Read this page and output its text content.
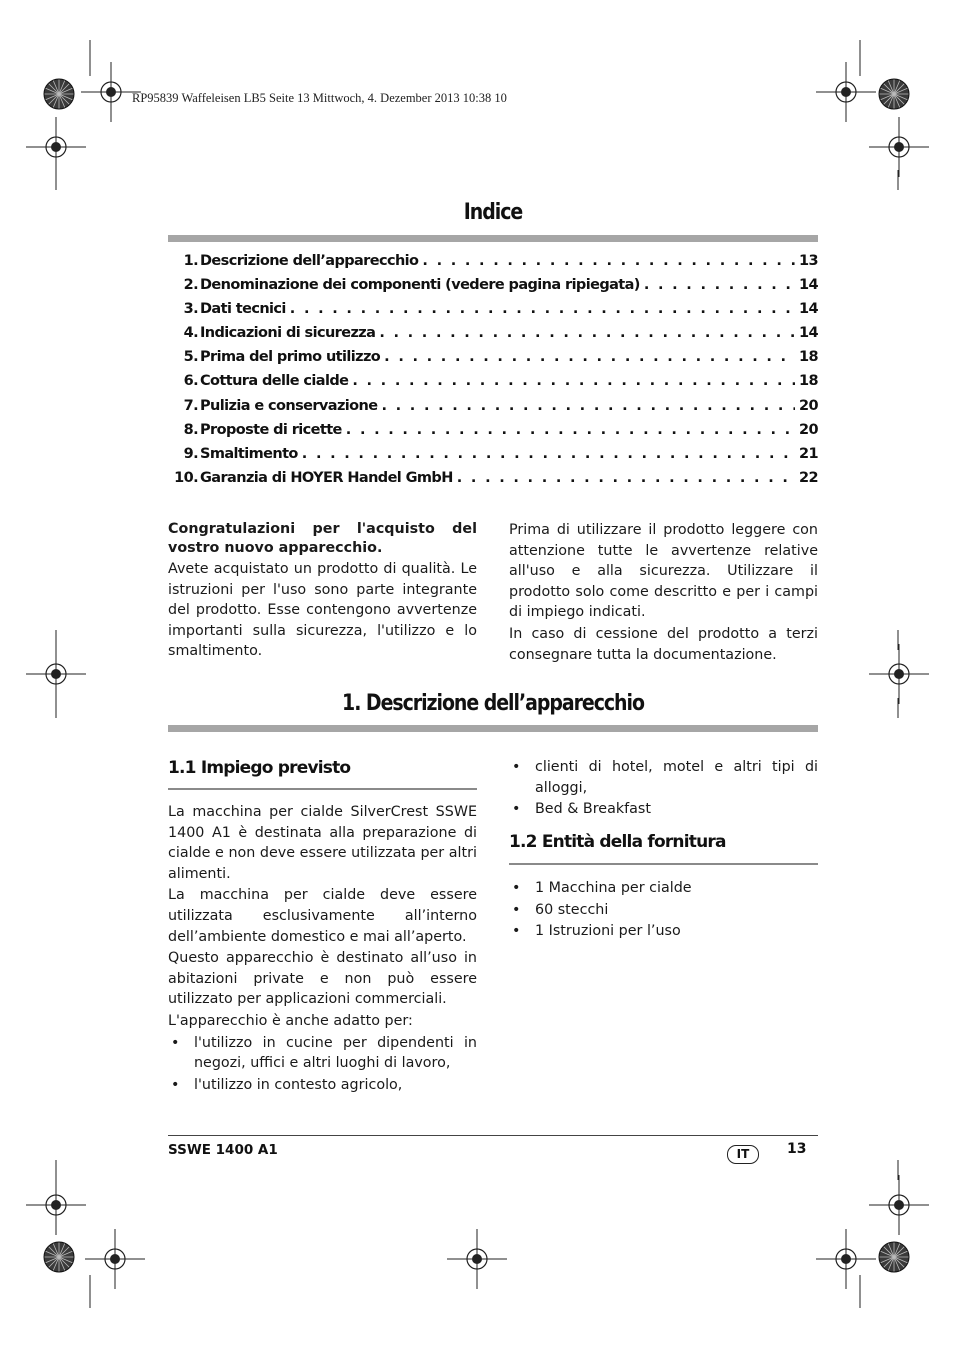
RP95839 Waffeleisen LB5 Seite 13 Mittwoch, 4. Dezember 2013 10:38 10
Indice
1. Descrizione dell’apparecchio . . .	13
2. Denominazione dei componenti (vedere pagina ripiegata) . . .	14
3. Dati tecnici . . .	14
4. Indicazioni di sicurezza . . .	14
5. Prima del primo utilizzo . . .	18
6. Cottura delle cialde . . .	18
7. Pulizia e conservazione . . .	20
8. Proposte di ricette . . .	20
9. Smaltimento . . .	21
10. Garanzia di HOYER Handel GmbH . . .	22

Congratulazioni per l'acquisto del vostro nuovo apparecchio.

Avete acquistato un prodotto di qualità. Le istruzioni per l'uso sono parte integrante del prodotto. Esse contengono avvertenze importanti sulla sicurezza, l'utilizzo e lo smaltimento.

Prima di utilizzare il prodotto leggere con attenzione tutte le avvertenze relative all'uso e alla sicurezza. Utilizzare il prodotto solo come descritto e per i campi di impiego indicati.

In caso di cessione del prodotto a terzi consegnare tutta la documentazione.

1. Descrizione dell’apparecchio
1.1 Impiego previsto

La macchina per cialde SilverCrest SSWE 1400 A1 è destinata alla preparazione di cialde e non deve essere utilizzata per altri alimenti.

La macchina per cialde deve essere utilizzata esclusivamente all’interno dell’ambiente domestico e mai all’aperto.

Questo apparecchio è destinato all’uso in abitazioni private e non può essere utilizzato per applicazioni commerciali.

L'apparecchio è anche adatto per:

• l'utilizzo in cucine per dipendenti in negozi, uffici e altri luoghi di lavoro,
• l'utilizzo in contesto agricolo,
• clienti di hotel, motel e altri tipi di alloggi,
• Bed & Breakfast
1.2 Entità della fornitura
• 1 Macchina per cialde
• 60 stecchi
• 1 Istruzioni per l’uso
SSWE 1400 A1	IT	13
